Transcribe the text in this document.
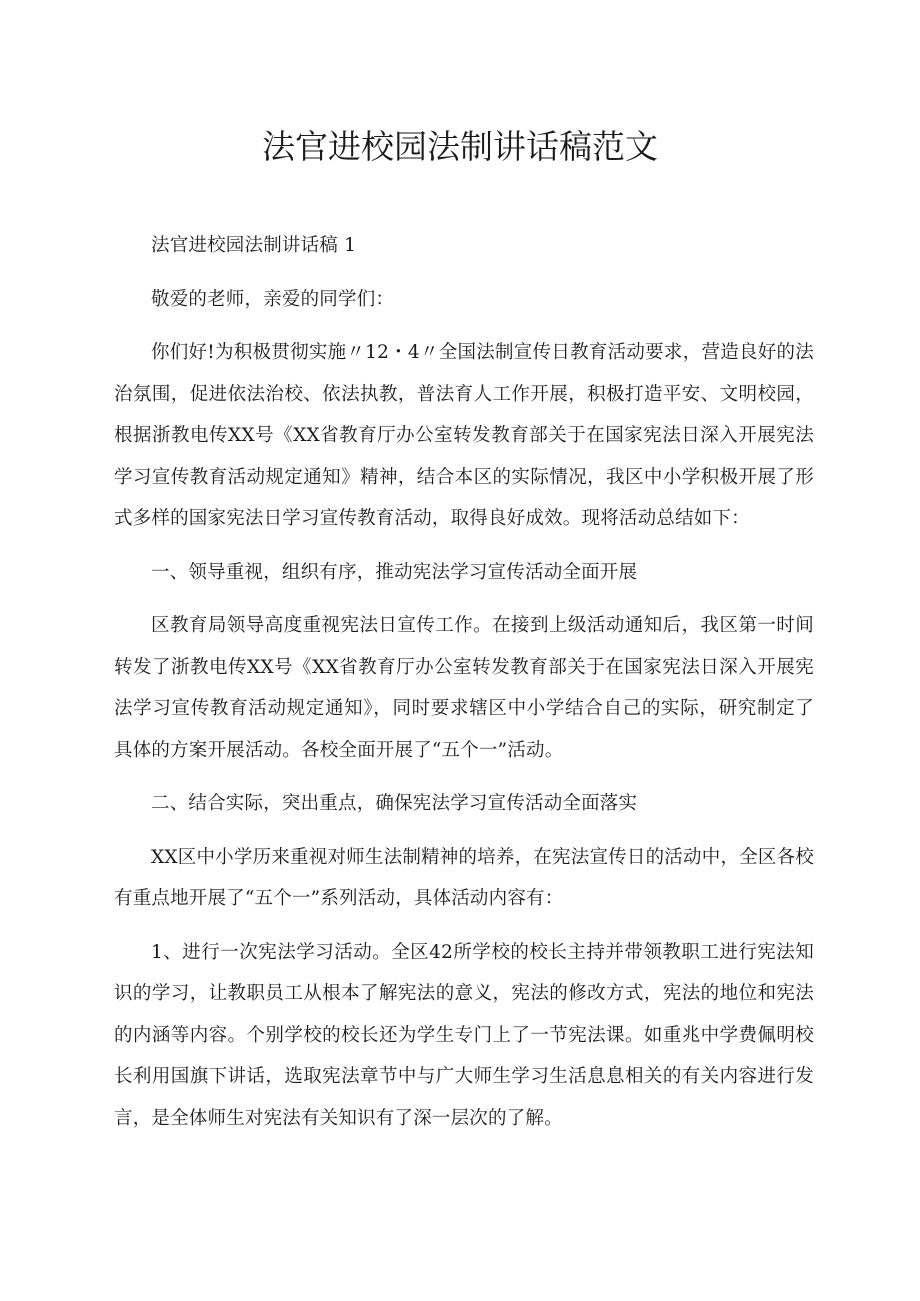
法官进校园法制讲话稿范文

法官进校园法制讲话稿 1

敬爱的老师，亲爱的同学们：

你们好!为积极贯彻实施〃12・4〃全国法制宣传日教育活动要求，营造良好的法治氛围，促进依法治校、依法执教，普法育人工作开展，积极打造平安、文明校园，根据浙教电传XX号《XX省教育厅办公室转发教育部关于在国家宪法日深入开展宪法学习宣传教育活动规定通知》精神，结合本区的实际情况，我区中小学积极开展了形式多样的国家宪法日学习宣传教育活动，取得良好成效。现将活动总结如下：

一、领导重视，组织有序，推动宪法学习宣传活动全面开展

区教育局领导高度重视宪法日宣传工作。在接到上级活动通知后，我区第一时间转发了浙教电传XX号《XX省教育厅办公室转发教育部关于在国家宪法日深入开展宪法学习宣传教育活动规定通知》，同时要求辖区中小学结合自己的实际，研究制定了具体的方案开展活动。各校全面开展了“五个一”活动。

二、结合实际，突出重点，确保宪法学习宣传活动全面落实

XX区中小学历来重视对师生法制精神的培养，在宪法宣传日的活动中，全区各校有重点地开展了“五个一”系列活动，具体活动内容有：

1、进行一次宪法学习活动。全区42所学校的校长主持并带领教职工进行宪法知识的学习，让教职员工从根本了解宪法的意义，宪法的修改方式，宪法的地位和宪法的内涵等内容。个别学校的校长还为学生专门上了一节宪法课。如重兆中学费佩明校长利用国旗下讲话，选取宪法章节中与广大师生学习生活息息相关的有关内容进行发言，是全体师生对宪法有关知识有了深一层次的了解。
